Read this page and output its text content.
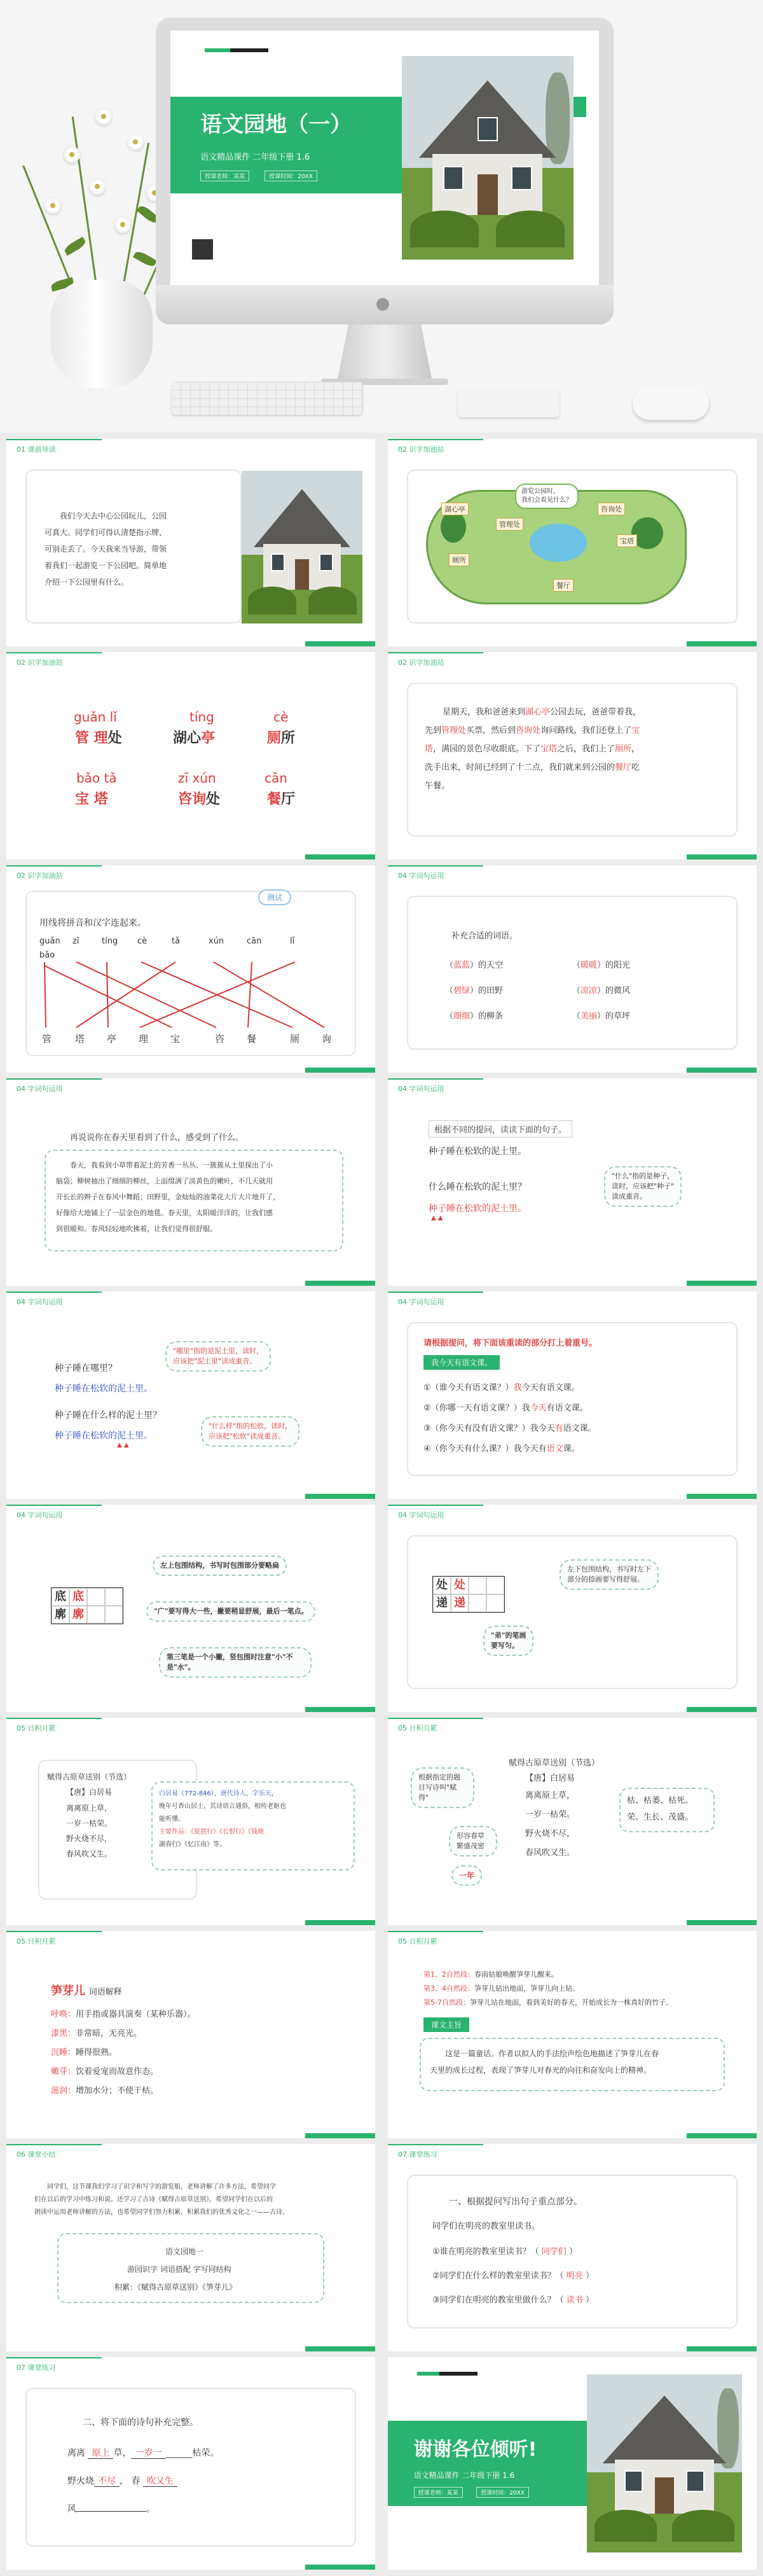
语文园地（一）
语文精品课件 二年级下册 1.6
授课老师：某某	授课时间：20XX
●
01 课前导读
我们今天去中心公园玩儿，公园
可真大。同学们可得认清楚指示牌，
可别走丢了。今天我来当导游，带领
着我们一起游览一下公园吧。简单地
介绍一下公园里有什么。
02 识字加油站
湖心亭
管理处
咨询处
宝塔
厕所
餐厅
游览公园时，
我们会看见什么？
02 识字加油站
guǎn lǐ
管 理处
tíng
湖心亭
cè
厕所
bǎo tǎ
宝 塔
zī xún
咨询处
cān
餐厅
02 识字加油站
星期天，我和爸爸来到湖心亭公园去玩，爸爸带着我，
先到管理处买票，然后到咨询处询问路线，我们还登上了宝
塔，满园的景色尽收眼底。下了宝塔之后，我们上了厕所，
洗手出来，时间已经到了十二点，我们就来到公园的餐厅吃
午餐。
02 识字加油站
测试
用线将拼音和汉字连起来。
guǎn zī	tíng cè	tǎ	xún	cān	lǐ
bǎo
管 塔 亭 理 宝	咨 餐	厕 询
04 字词句运用
补充合适的词语。
（蓝蓝）的天空	（暖暖）的阳光
（碧绿）的田野	（凉凉）的微风
（细细）的柳条	（美丽）的草坪
04 字词句运用
再说说你在春天里看到了什么，感受到了什么。
春天，我看到小草带着泥土的芳香一丛丛、一簇簇从土里探出了小
脑袋；柳树抽出了细细的柳丝，上面缀满了淡黄色的嫩叶，不几天就用
开长长的辫子在春风中舞蹈；田野里，金灿灿的油菜花大片大片地开了，
好像给大地铺上了一层金色的地毯。春天里，太阳暖洋洋的，让我们感
到很暖和。春风轻轻地吹拂着，让我们觉得很舒服。
04 字词句运用
根据不同的提问，读读下面的句子。
种子睡在松软的泥土里。
什么睡在松软的泥土里？
种子睡在松软的泥土里。
▲ ▲
"什么"指的是种子，
读时，应该把"种子"
读成重音。
04 字词句运用
种子睡在哪里？
种子睡在松软的泥土里。
种子睡在什么样的泥土里？
种子睡在松软的泥土里。
▲ ▲
"哪里"指的是泥土里，读时，
应该把"泥土里"读成重音。
"什么样"指的松软，读时，
应该把"松软"读成重音。
04 字词句运用
请根据提问，将下面该重读的部分打上着重号。
我今天有语文课。
①（谁今天有语文课？）我今天有语文课。
②（你哪一天有语文课？）我今天有语文课。
③（你今天有没有语文课？）我今天有语文课。
④（你今天有什么课？）我今天有语文课。
04 字词句运用
底 底
廓 廓
左上包围结构，书写时包围部分要略扁
"广"要写得大一些，撇要稍显舒展，最后一笔点。
第三笔是一个小撇，竖包围时注意"小"不是"水"。
04 字词句运用
处 处
递 递
左下包围结构，书写时左下
部分的捺画要写得舒展。
"弟"的笔画
要写匀。
05 日积月累
赋得古原草送别（节选）
【唐】白居易
离离原上草，
一岁一枯荣。
野火烧不尽，
春风吹又生。
白居易（772-846），唐代诗人，字乐天，
晚年号香山居士，其诗语言通俗，相传老妪也
能听懂。
主要作品：《琵琶行》《长恨行》《钱塘
湖春行》《忆江南》等。
05 日积月累
根据指定的题目写诗叫"赋得"
赋得古原草送别（节选）
【唐】白居易
离离原上草，
一岁一枯荣。
野火烧不尽，
春风吹又生。
形容春草繁盛茂密
一年
枯、枯萎、枯死。
荣、生长、茂盛。
05 日积月累
笋芽儿 词语解释
呼唤：用手指或器具演奏（某种乐器）。
漆黑：非常暗，无亮光。
沉睡：睡得很熟。
嫩芽：饮着爱宠而故意作态。
滋润：增加水分；不使干枯。
05 日积月累
第1、2自然段：春雨姑娘唤醒笋芽儿醒来。
第3、4自然段：笋芽儿钻出地面，笋芽儿向上钻。
第5-7自然段：笋芽儿站在地面，看到美好的春天，开始成长为一株真好的竹子。
课文主旨
这是一篇童话。作者以拟人的手法绘声绘色地描述了笋芽儿在春
天里的成长过程，表现了笋芽儿对春光的向往和奋发向上的精神。
06 课堂小结
同学们，这节课我们学习了识字和写字的游览船，老师讲解了许多方法，希望同学
们在以后的学习中练习和说。还学习了古诗《赋得古原草送别》，希望同学们在以后的
朗读中运用老师讲解的方法，也希望同学们努力积累，积累我们的优秀文化之一——古诗。
语文园地一
游园识字 词语搭配 字写同结构
积累：《赋得古原草送别》《笋芽儿》
07 课堂练习
一、根据提问写出句子重点部分。
同学们在明亮的教室里读书。
①谁在明亮的教室里读书？（ 同学们 ）
②同学们在什么样的教室里读书？（ 明亮 ）
③同学们在明亮的教室里做什么？（ 读书 ）
07 课堂练习
二、将下面的诗句补充完整。
离离 原上 草， 一岁一 ______枯荣。
野火烧 不尽 ， 春 吹又生
风	。
谢谢各位倾听!
语文精品课件 二年级下册 1.6
授课老师：某某	授课时间：20XX
